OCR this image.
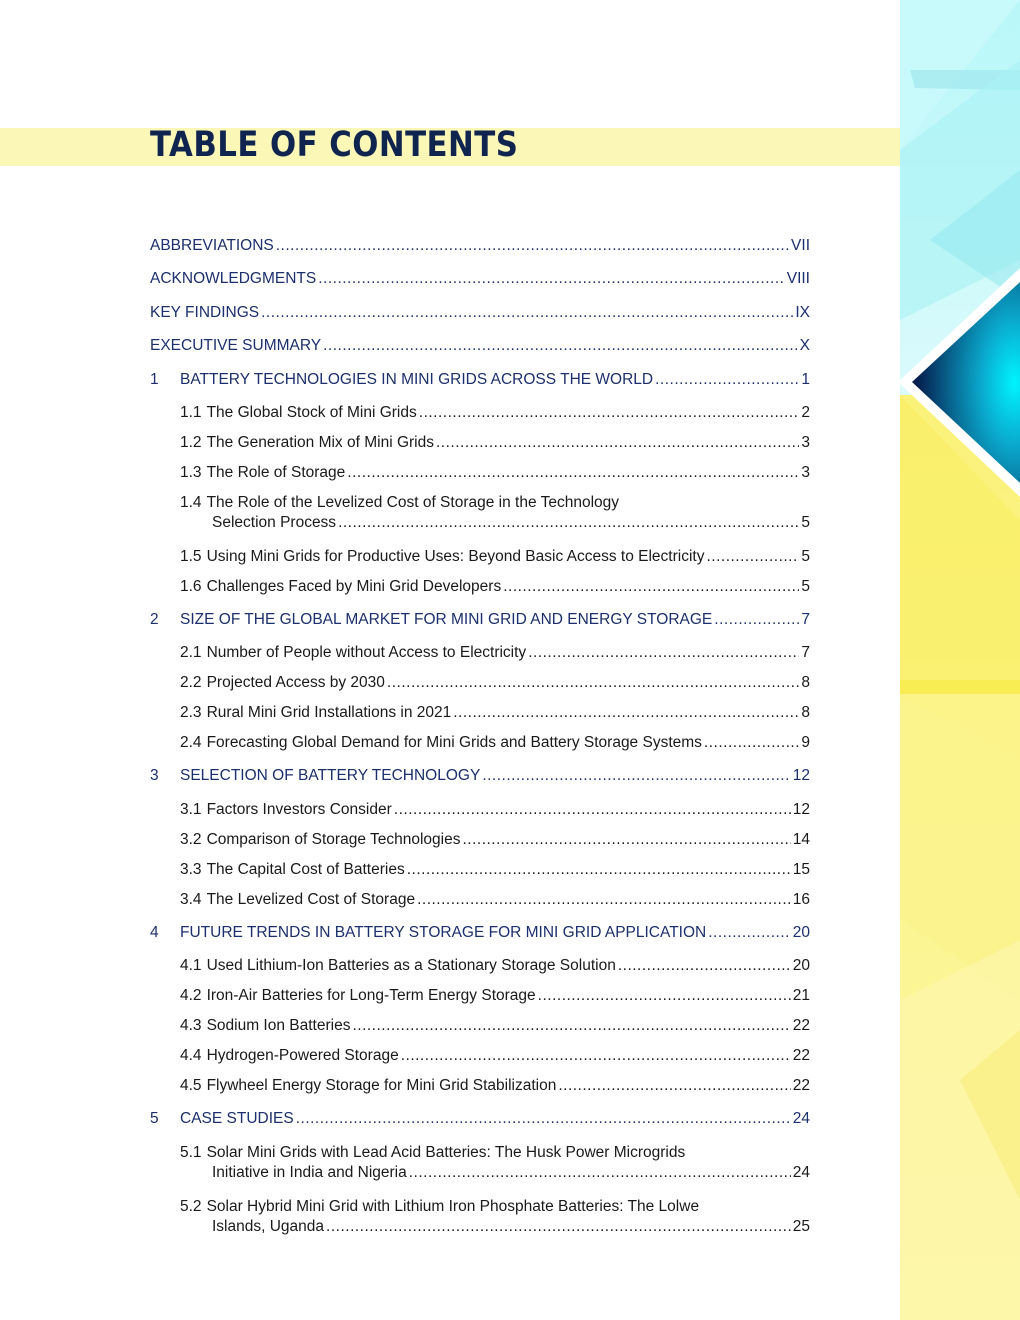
TABLE OF CONTENTS
ABBREVIATIONS .....	VII
ACKNOWLEDGMENTS .....	VIII
KEY FINDINGS .....	IX
EXECUTIVE SUMMARY .....	X
1	BATTERY TECHNOLOGIES IN MINI GRIDS ACROSS THE WORLD .....	1
1.1 The Global Stock of Mini Grids .....	2
1.2 The Generation Mix of Mini Grids .....	3
1.3 The Role of Storage .....	3
1.4 The Role of the Levelized Cost of Storage in the Technology
Selection Process .....	5
1.5 Using Mini Grids for Productive Uses: Beyond Basic Access to Electricity .....	5
1.6 Challenges Faced by Mini Grid Developers .....	5
2	SIZE OF THE GLOBAL MARKET FOR MINI GRID AND ENERGY STORAGE .....	7
2.1 Number of People without Access to Electricity .....	7
2.2 Projected Access by 2030 .....	8
2.3 Rural Mini Grid Installations in 2021 .....	8
2.4 Forecasting Global Demand for Mini Grids and Battery Storage Systems .....	9
3	SELECTION OF BATTERY TECHNOLOGY .....	12
3.1 Factors Investors Consider .....	12
3.2 Comparison of Storage Technologies .....	14
3.3 The Capital Cost of Batteries .....	15
3.4 The Levelized Cost of Storage .....	16
4	FUTURE TRENDS IN BATTERY STORAGE FOR MINI GRID APPLICATION .....	20
4.1 Used Lithium-Ion Batteries as a Stationary Storage Solution .....	20
4.2 Iron-Air Batteries for Long-Term Energy Storage .....	21
4.3 Sodium Ion Batteries .....	22
4.4 Hydrogen-Powered Storage .....	22
4.5 Flywheel Energy Storage for Mini Grid Stabilization .....	22
5	CASE STUDIES .....	24
5.1 Solar Mini Grids with Lead Acid Batteries: The Husk Power Microgrids
Initiative in India and Nigeria .....	24
5.2 Solar Hybrid Mini Grid with Lithium Iron Phosphate Batteries: The Lolwe
Islands, Uganda .....	25
